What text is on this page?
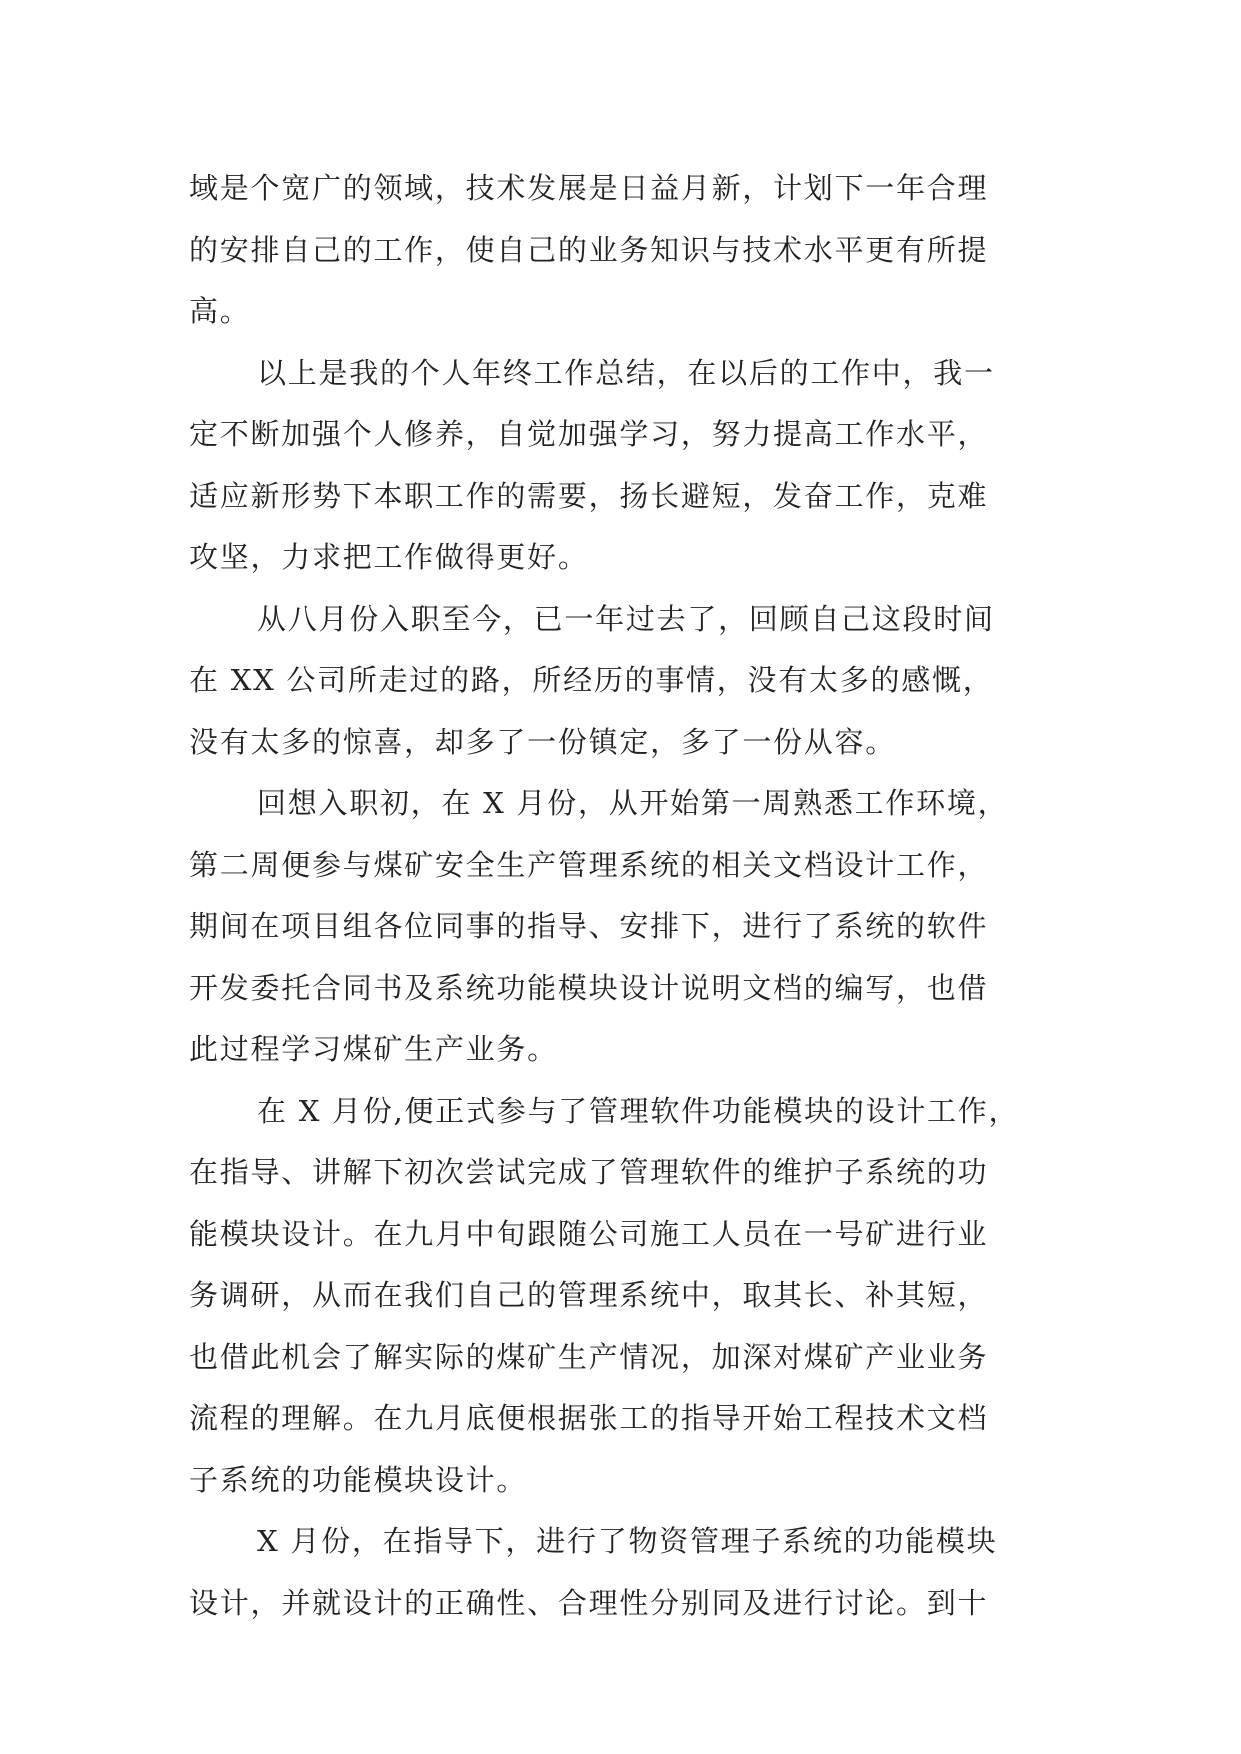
域是个宽广的领域，技术发展是日益月新，计划下一年合理
的安排自己的工作，使自己的业务知识与技术水平更有所提
高。
以上是我的个人年终工作总结，在以后的工作中，我一
定不断加强个人修养，自觉加强学习，努力提高工作水平，
适应新形势下本职工作的需要，扬长避短，发奋工作，克难
攻坚，力求把工作做得更好。
从八月份入职至今，已一年过去了，回顾自己这段时间
在 XX 公司所走过的路，所经历的事情，没有太多的感慨，
没有太多的惊喜，却多了一份镇定，多了一份从容。
回想入职初，在 X 月份，从开始第一周熟悉工作环境，
第二周便参与煤矿安全生产管理系统的相关文档设计工作，
期间在项目组各位同事的指导、安排下，进行了系统的软件
开发委托合同书及系统功能模块设计说明文档的编写，也借
此过程学习煤矿生产业务。
在 X 月份,便正式参与了管理软件功能模块的设计工作，
在指导、讲解下初次尝试完成了管理软件的维护子系统的功
能模块设计。在九月中旬跟随公司施工人员在一号矿进行业
务调研，从而在我们自己的管理系统中，取其长、补其短，
也借此机会了解实际的煤矿生产情况，加深对煤矿产业业务
流程的理解。在九月底便根据张工的指导开始工程技术文档
子系统的功能模块设计。
X 月份，在指导下，进行了物资管理子系统的功能模块
设计，并就设计的正确性、合理性分别同及进行讨论。到十
